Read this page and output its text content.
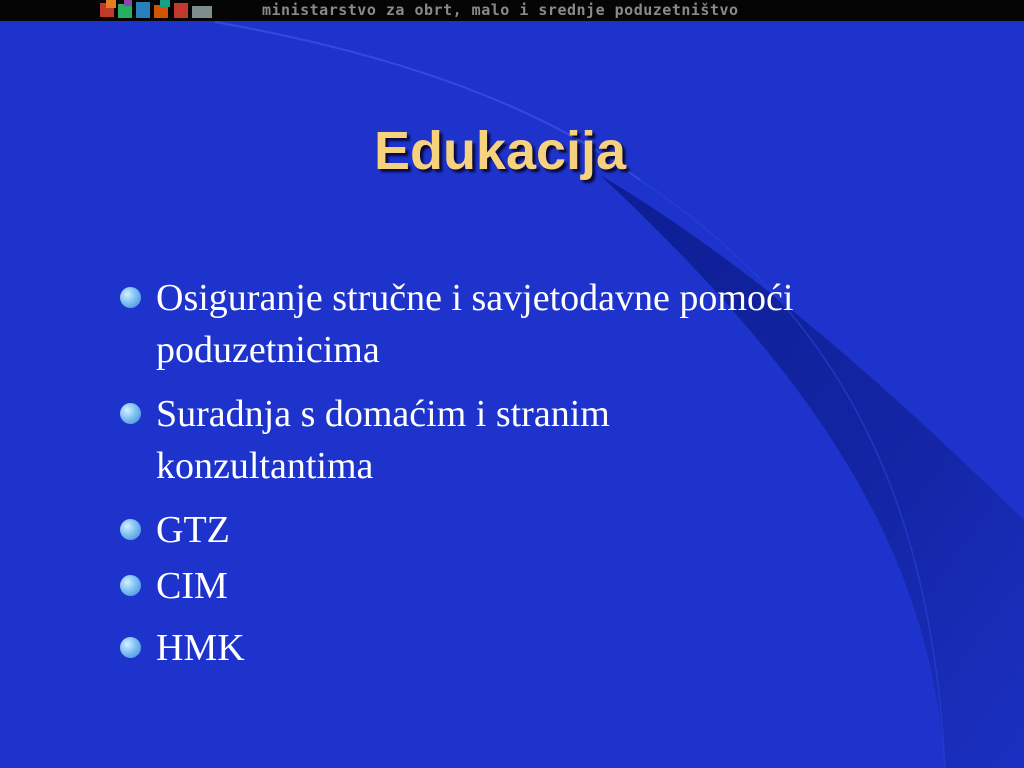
ministarstvo za obrt, malo i srednje poduzetništvo
Edukacija
Osiguranje stručne i savjetodavne pomoći
poduzetnicima
Suradnja s domaćim i stranim
konzultantima
GTZ
CIM
HMK
